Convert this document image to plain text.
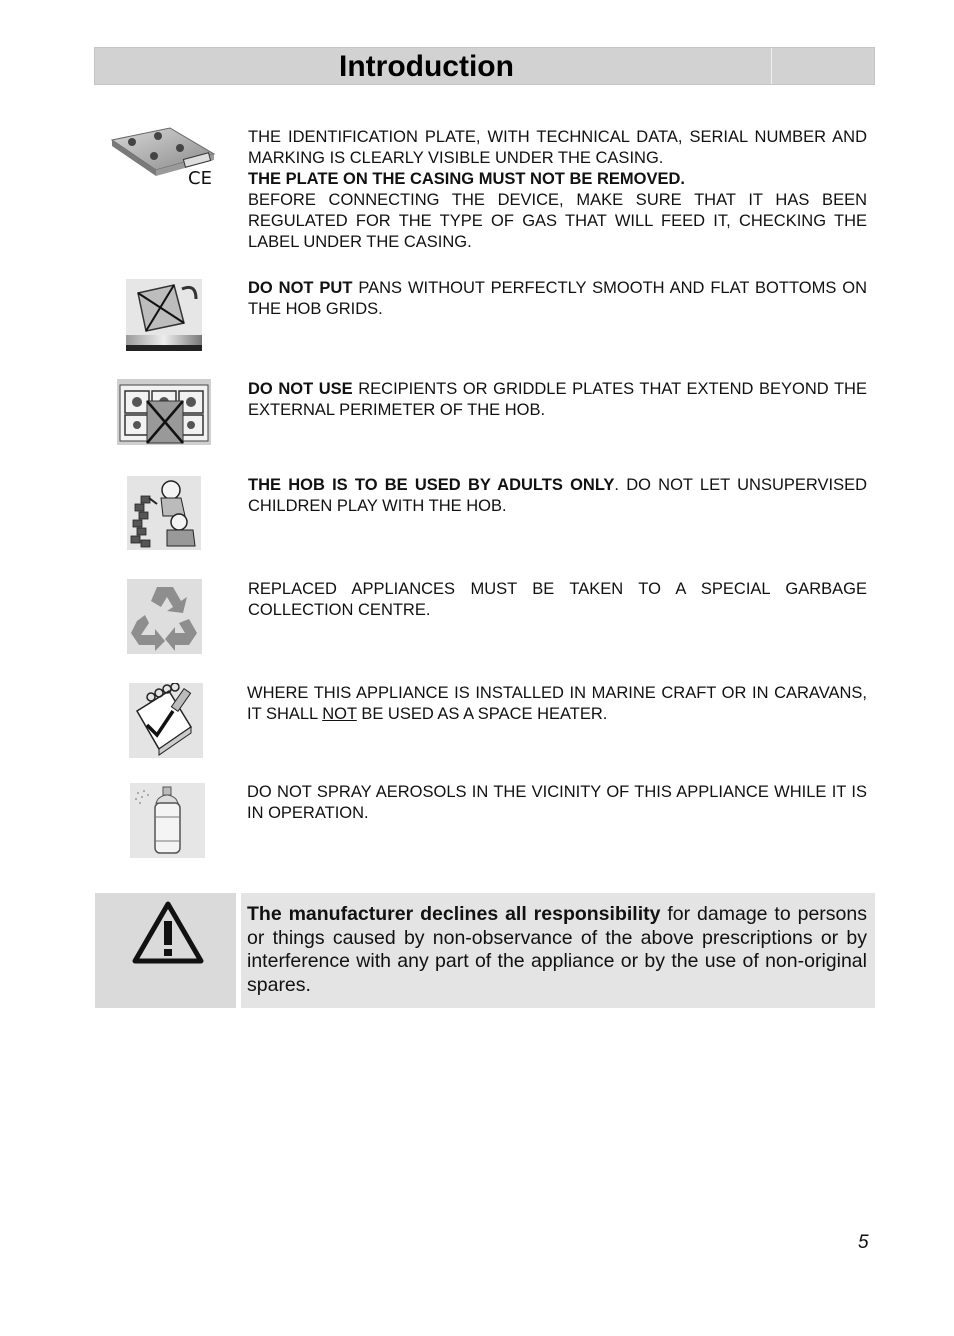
Introduction
CE

THE IDENTIFICATION PLATE, WITH TECHNICAL DATA, SERIAL NUMBER AND MARKING IS CLEARLY VISIBLE UNDER THE CASING.

THE PLATE ON THE CASING MUST NOT BE REMOVED.

BEFORE CONNECTING THE DEVICE, MAKE SURE THAT IT HAS BEEN REGULATED FOR THE TYPE OF GAS THAT WILL FEED IT, CHECKING THE LABEL UNDER THE CASING.

DO NOT PUT PANS WITHOUT PERFECTLY SMOOTH AND FLAT BOTTOMS ON THE HOB GRIDS.

DO NOT USE RECIPIENTS OR GRIDDLE PLATES THAT EXTEND BEYOND THE EXTERNAL PERIMETER OF THE HOB.

THE HOB IS TO BE USED BY ADULTS ONLY. DO NOT LET UNSUPERVISED CHILDREN PLAY WITH THE HOB.

REPLACED APPLIANCES MUST BE TAKEN TO A SPECIAL GARBAGE COLLECTION CENTRE.

WHERE THIS APPLIANCE IS INSTALLED IN MARINE CRAFT OR IN CARAVANS, IT SHALL NOT BE USED AS A SPACE HEATER.

DO NOT SPRAY AEROSOLS IN THE VICINITY OF THIS APPLIANCE WHILE IT IS IN OPERATION.

The manufacturer declines all responsibility for damage to persons or things caused by non-observance of the above prescriptions or by interference with any part of the appliance or by the use of non-original spares.
5
